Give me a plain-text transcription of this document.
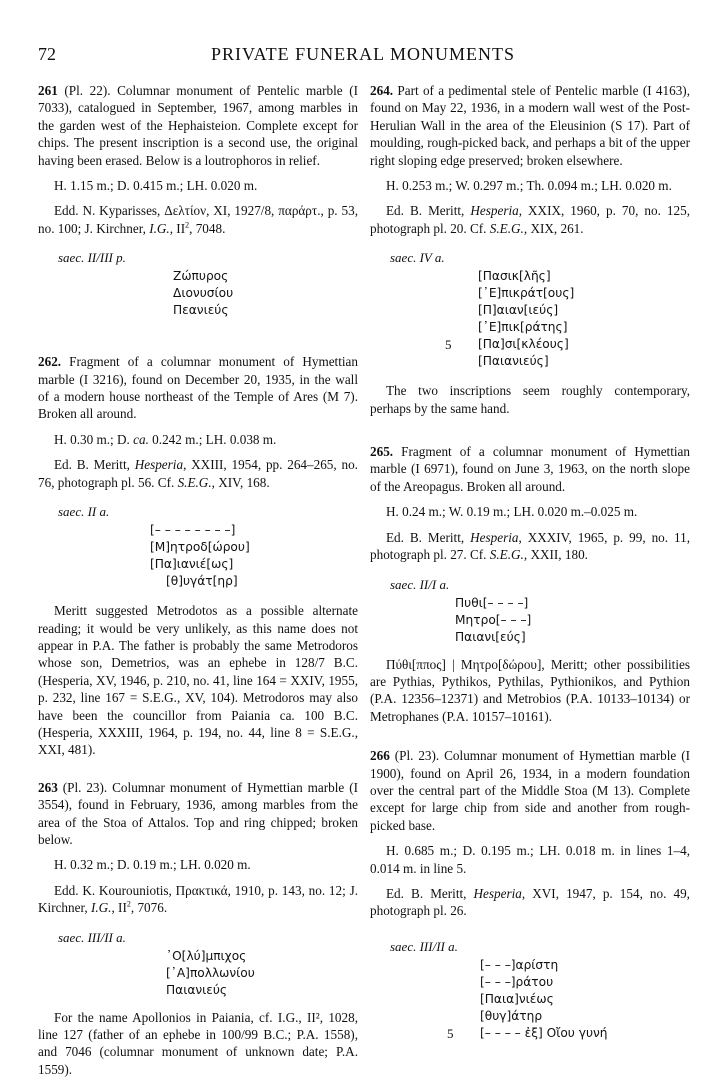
72	PRIVATE FUNERAL MONUMENTS

261 (Pl. 22). Columnar monument of Pentelic marble (I 7033), catalogued in September, 1967, among marbles in the garden west of the Hephaisteion. Complete except for chips. The present inscription is a second use, the original having been erased. Below is a loutrophoros in relief.

H. 1.15 m.; D. 0.415 m.; LH. 0.020 m.

Edd. N. Kyparisses, Δελτίον, XI, 1927/8, παράρτ., p. 53, no. 100; J. Kirchner, I.G., $II^2$, 7048.

saec. II/III p.
Ζώπυρος
Διονυσίου
Πεανιεύς

262. Fragment of a columnar monument of Hymettian marble (I 3216), found on December 20, 1935, in the wall of a modern house northeast of the Temple of Ares (M 7). Broken all around.

H. 0.30 m.; D. ca. 0.242 m.; LH. 0.038 m.

Ed. B. Meritt, Hesperia, XXIII, 1954, pp. 264–265, no. 76, photograph pl. 56. Cf. S.E.G., XIV, 168.

saec. II a.
[– – – – – – – –]
[Μ]ητροδ[ώρου]
[Πα]ιανιέ[ως]
[θ]υγάτ[ηρ]

Meritt suggested Metrodotos as a possible alternate reading; it would be very unlikely, as this name does not appear in P.A. The father is probably the same Metrodoros whose son, Demetrios, was an ephebe in 128/7 B.C. (Hesperia, XV, 1946, p. 210, no. 41, line 164 = XXIV, 1955, p. 232, line 167 = S.E.G., XV, 104). Metrodoros may also have been the councillor from Paiania ca. 100 B.C. (Hesperia, XXXIII, 1964, p. 194, no. 44, line 8 = S.E.G., XXI, 481).

263 (Pl. 23). Columnar monument of Hymettian marble (I 3554), found in February, 1936, among marbles from the area of the Stoa of Attalos. Top and ring chipped; broken below.

H. 0.32 m.; D. 0.19 m.; LH. 0.020 m.

Edd. K. Kourouniotis, Πρακτικά, 1910, p. 143, no. 12; J. Kirchner, I.G., $II^2$, 7076.

saec. III/II a.
᾽Ο[λύ]μπιχος
[᾽Α]πολλωνίου
Παιανιεύς

For the name Apollonios in Paiania, cf. I.G., II², 1028, line 127 (father of an ephebe in 100/99 B.C.; P.A. 1558), and 7046 (columnar monument of unknown date; P.A. 1559).

264. Part of a pedimental stele of Pentelic marble (I 4163), found on May 22, 1936, in a modern wall west of the Post-Herulian Wall in the area of the Eleusinion (S 17). Part of moulding, rough-picked back, and perhaps a bit of the upper right sloping edge preserved; broken elsewhere.

H. 0.253 m.; W. 0.297 m.; Th. 0.094 m.; LH. 0.020 m.

Ed. B. Meritt, Hesperia, XXIX, 1960, p. 70, no. 125, photograph pl. 20. Cf. S.E.G., XIX, 261.

saec. IV a.
[Πασικ[λῆς]
[᾽Ε]πικράτ[ους]
[Π]αιαν[ιεύς]
[᾽Ε]πικ[ράτης]
5 [Πα]σι[κλέους]
[Παιανιεύς]

The two inscriptions seem roughly contemporary, perhaps by the same hand.

265. Fragment of a columnar monument of Hymettian marble (I 6971), found on June 3, 1963, on the north slope of the Areopagus. Broken all around.

H. 0.24 m.; W. 0.19 m.; LH. 0.020 m.–0.025 m.

Ed. B. Meritt, Hesperia, XXXIV, 1965, p. 99, no. 11, photograph pl. 27. Cf. S.E.G., XXII, 180.

saec. II/I a.
Πυθι[– – – –]
Μητρο[– – –]
Παιανι[εύς]

Πύθι[ππος] | Μητρο[δώρου], Meritt; other possibilities are Pythias, Pythikos, Pythilas, Pythionikos, and Pythion (P.A. 12356–12371) and Metrobios (P.A. 10133–10134) or Metrophanes (P.A. 10157–10161).

266 (Pl. 23). Columnar monument of Hymettian marble (I 1900), found on April 26, 1934, in a modern foundation over the central part of the Middle Stoa (M 13). Complete except for large chip from side and another from rough-picked base.

H. 0.685 m.; D. 0.195 m.; LH. 0.018 m. in lines 1–4, 0.014 m. in line 5.

Ed. B. Meritt, Hesperia, XVI, 1947, p. 154, no. 49, photograph pl. 26.

saec. III/II a.
[– – –]αρίστη
[– – –]ράτου
[Παια]νιέως
[θυγ]άτηρ
5 [– – – – ἐξ] Οἴου γυνή
